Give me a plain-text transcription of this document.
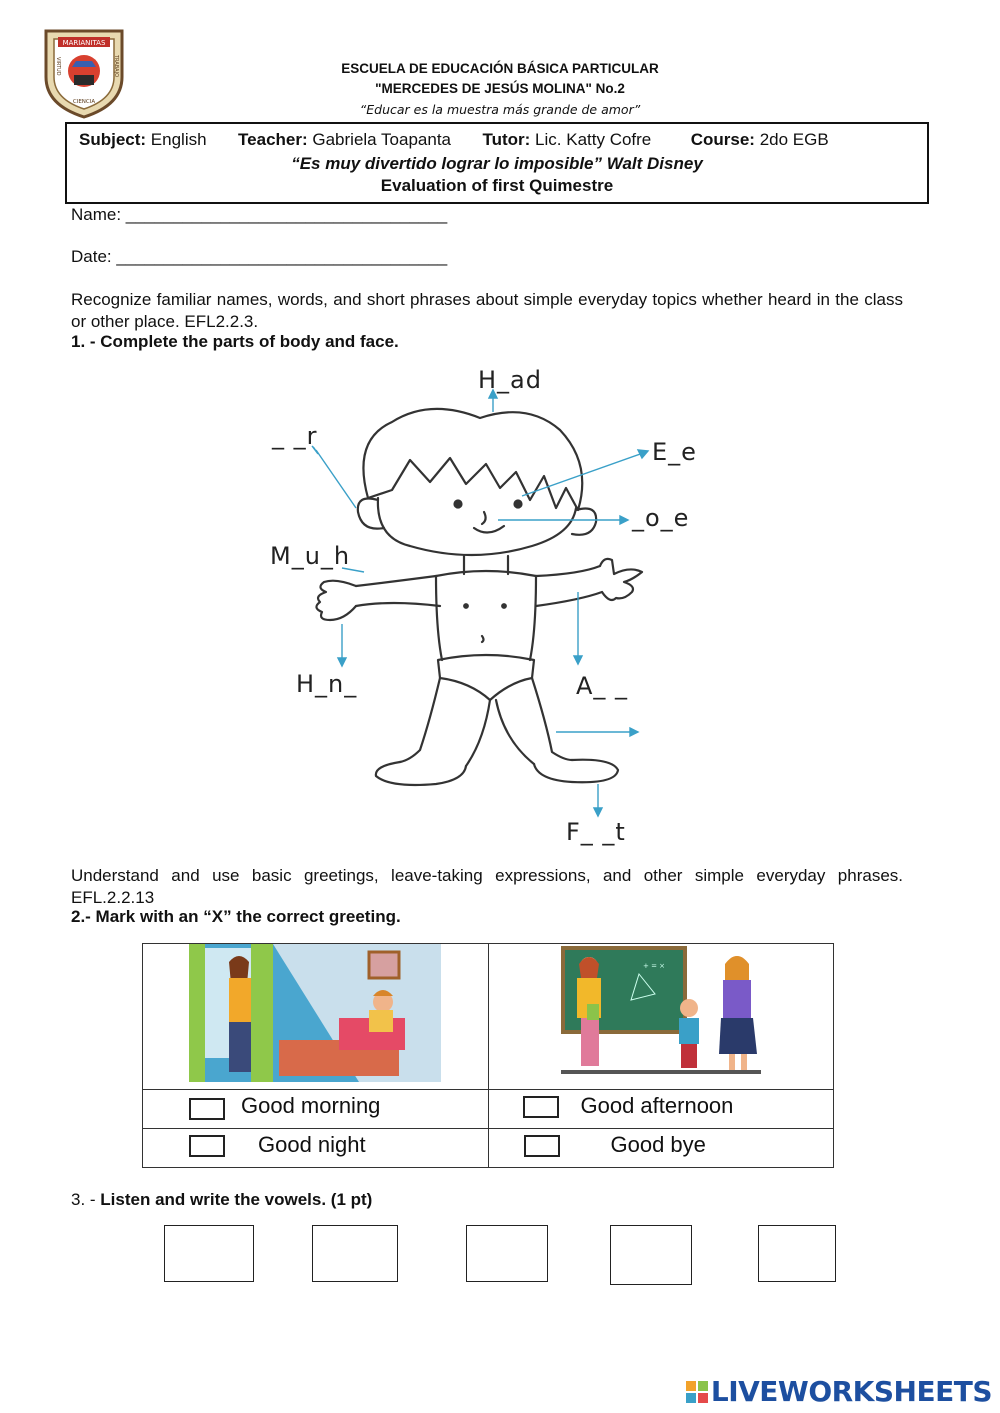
MARIANITAS
VIRTUD	TRABAJO
CIENCIA
ESCUELA DE EDUCACIÓN BÁSICA PARTICULAR
"MERCEDES DE JESÚS MOLINA" No.2
“Educar es la muestra más grande de amor”
Subject: English Teacher: Gabriela Toapanta Tutor: Lic. Katty Cofre Course: 2do EGB
“Es muy divertido lograr lo imposible” Walt Disney
Evaluation of first Quimestre
Name: __________________________________
Date: ___________________________________
Recognize familiar names, words, and short phrases about simple everyday topics whether heard in the class or other place. EFL2.2.3.
1. - Complete the parts of body and face.
H_ad
_ _r
E_e
_o_e
M_u_h
H_n_	A_ _
F_ _t
Understand and use basic greetings, leave-taking expressions, and other simple everyday phrases. EFL.2.2.13
2.- Mark with an “X” the correct greeting.

+ = ×

Good morning	Good afternoon

Good night	Good bye
3. - Listen and write the vowels. (1 pt)
LIVEWORKSHEETS
